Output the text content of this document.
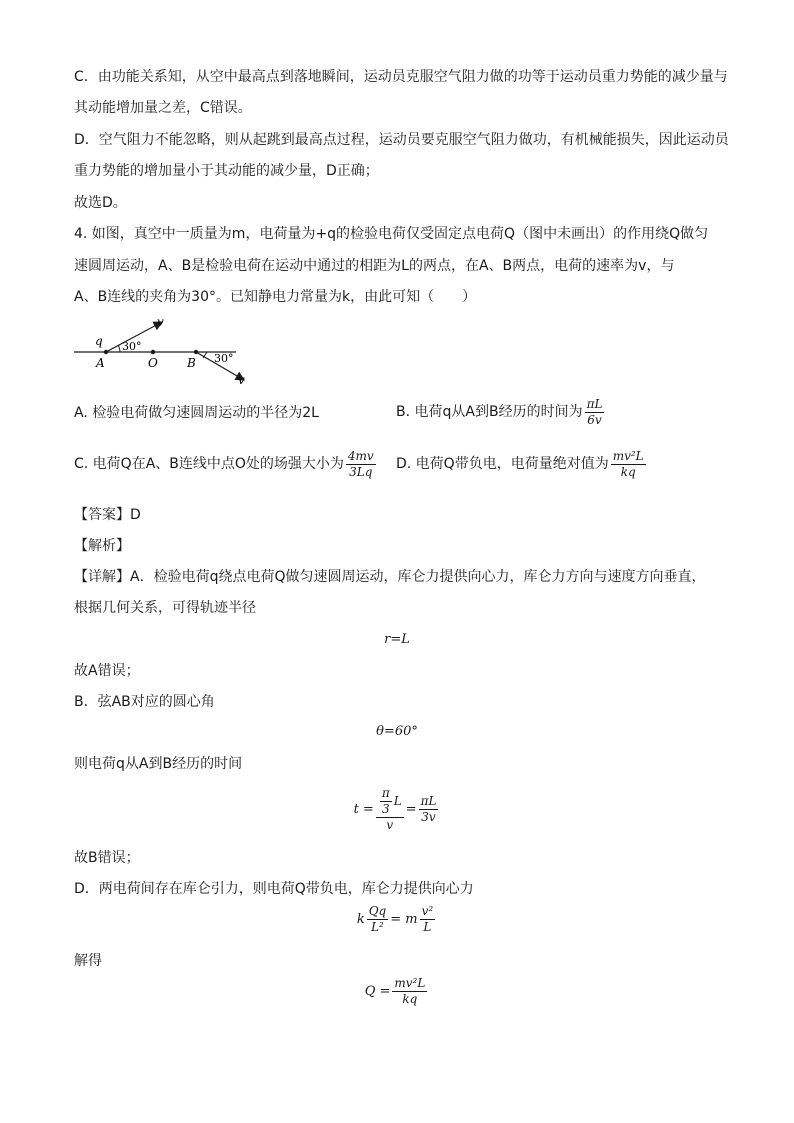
C．由功能关系知，从空中最高点到落地瞬间，运动员克服空气阻力做的功等于运动员重力势能的减少量与
其动能增加量之差，C错误。
D．空气阻力不能忽略，则从起跳到最高点过程，运动员要克服空气阻力做功，有机械能损失，因此运动员
重力势能的增加量小于其动能的减少量，D正确；
故选D。
4. 如图，真空中一质量为m，电荷量为+q的检验电荷仅受固定点电荷Q（图中未画出）的作用绕Q做匀
速圆周运动，A、B是检验电荷在运动中通过的相距为L的两点，在A、B两点，电荷的速率为v，与
A、B连线的夹角为30°。已知静电力常量为k，由此可知（　　）
q 30°
v
A	O B 30°
v
A. 检验电荷做匀速圆周运动的半径为2L	B. 电荷q从A到B经历的时间为 $\frac{\pi L}{6v}$
C. 电荷Q在A、B连线中点O处的场强大小为 $\frac{4mv}{3Lq} D$. 电荷Q带负电，电荷量绝对值为 $\frac{\text{mv²L}}{kq}$
【答案】D
【解析】
【详解】A．检验电荷q绕点电荷Q做匀速圆周运动，库仑力提供向心力，库仑力方向与速度方向垂直，
根据几何关系，可得轨迹半径
r=L
故A错误；
B．弦AB对应的圆心角
θ=60°
则电荷q从A到B经历的时间
$t = \frac{\frac{\pi}{3} L}{v} = \frac{\pi L}{3v}$
故B错误；
D．两电荷间存在库仑引力，则电荷Q带负电，库仑力提供向心力
k $\frac{Qq}{\text{L²}} = m \frac{\text{v²}}{L}$
解得
$Q = \frac{\text{mv²L}}{kq}$
